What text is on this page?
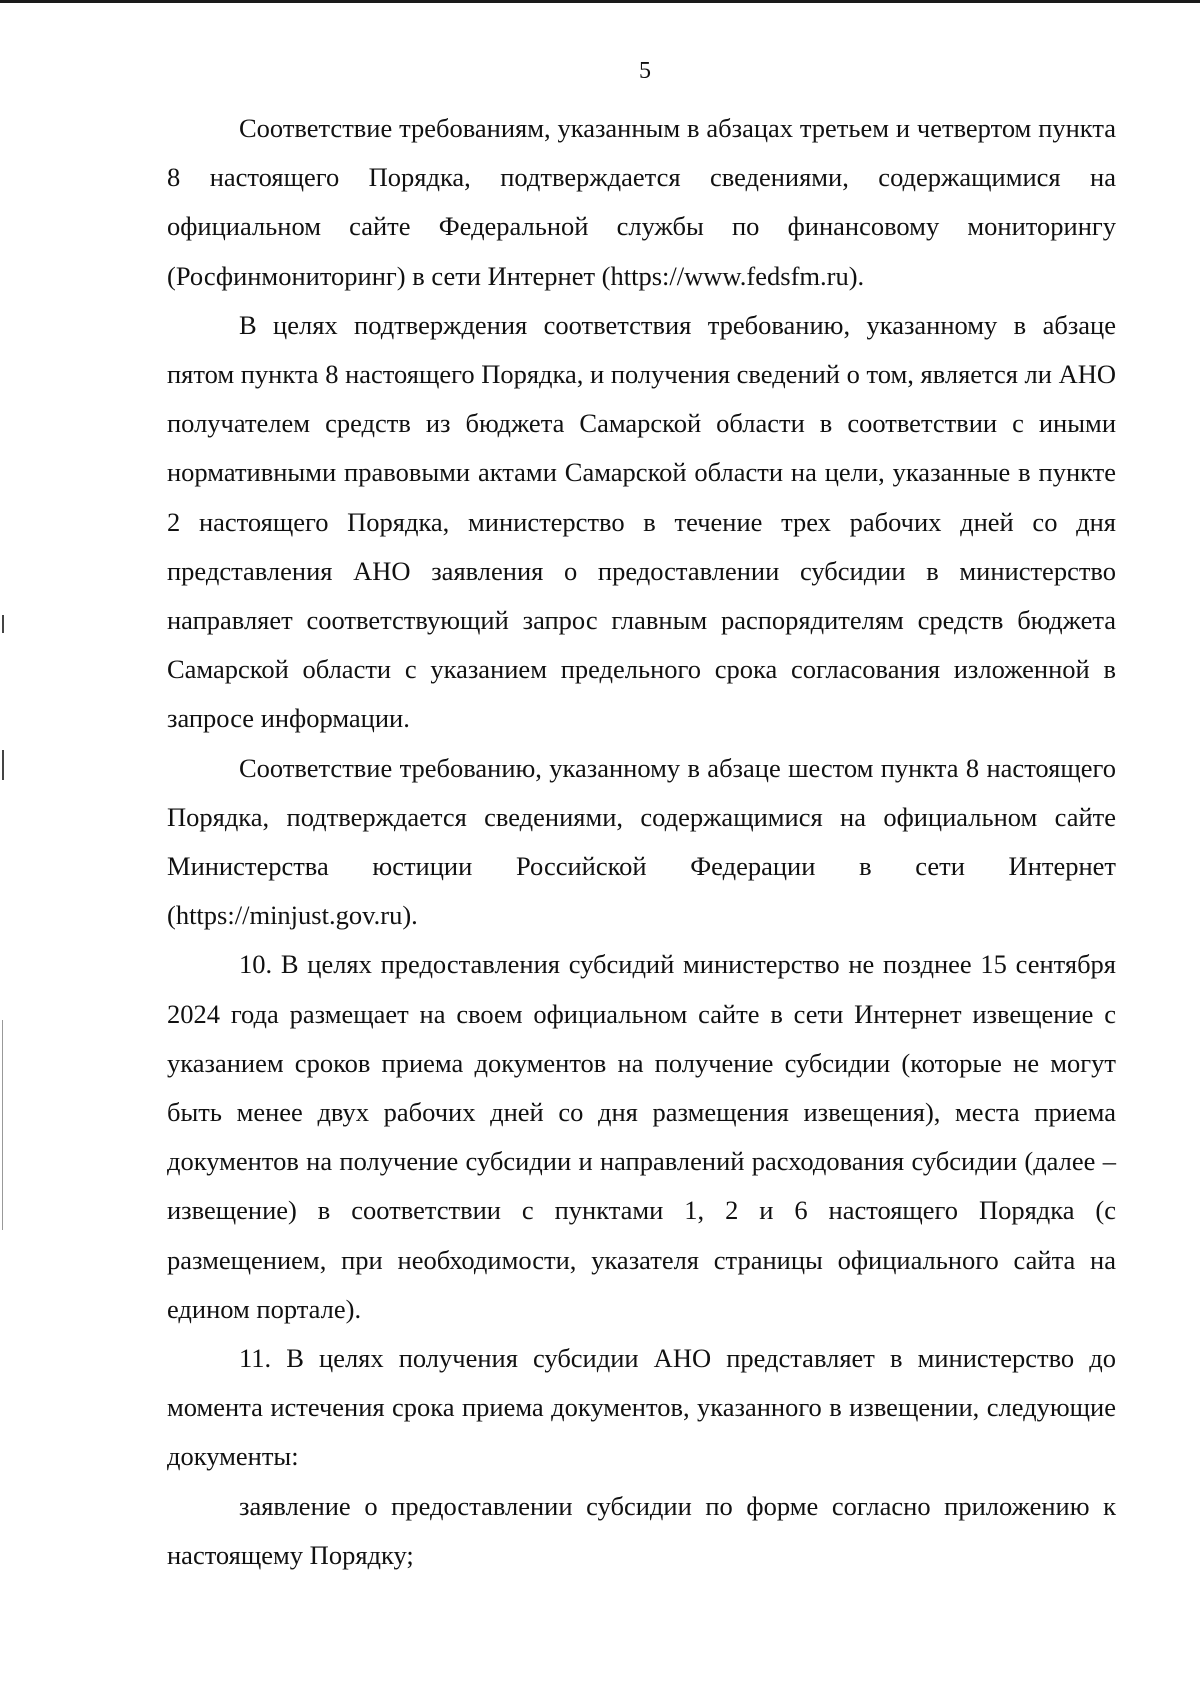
5

Соответствие требованиям, указанным в абзацах третьем и четвертом пункта 8 настоящего Порядка, подтверждается сведениями, содержащимися на официальном сайте Федеральной службы по финансовому мониторингу (Росфинмониторинг) в сети Интернет (https://www.fedsfm.ru).

В целях подтверждения соответствия требованию, указанному в абзаце пятом пункта 8 настоящего Порядка, и получения сведений о том, является ли АНО получателем средств из бюджета Самарской области в соответствии с иными нормативными правовыми актами Самарской области на цели, указанные в пункте 2 настоящего Порядка, министерство в течение трех рабочих дней со дня представления АНО заявления о предоставлении субсидии в министерство направляет соответствующий запрос главным распорядителям средств бюджета Самарской области с указанием предельного срока согласования изложенной в запросе информации.

Соответствие требованию, указанному в абзаце шестом пункта 8 настоящего Порядка, подтверждается сведениями, содержащимися на официальном сайте Министерства юстиции Российской Федерации в сети Интернет (https://minjust.gov.ru).

10. В целях предоставления субсидий министерство не позднее 15 сентября 2024 года размещает на своем официальном сайте в сети Интернет извещение с указанием сроков приема документов на получение субсидии (которые не могут быть менее двух рабочих дней со дня размещения извещения), места приема документов на получение субсидии и направлений расходования субсидии (далее – извещение) в соответствии с пунктами 1, 2 и 6 настоящего Порядка (с размещением, при необходимости, указателя страницы официального сайта на едином портале).

11. В целях получения субсидии АНО представляет в министерство до момента истечения срока приема документов, указанного в извещении, следующие документы:

заявление о предоставлении субсидии по форме согласно приложению к настоящему Порядку;
